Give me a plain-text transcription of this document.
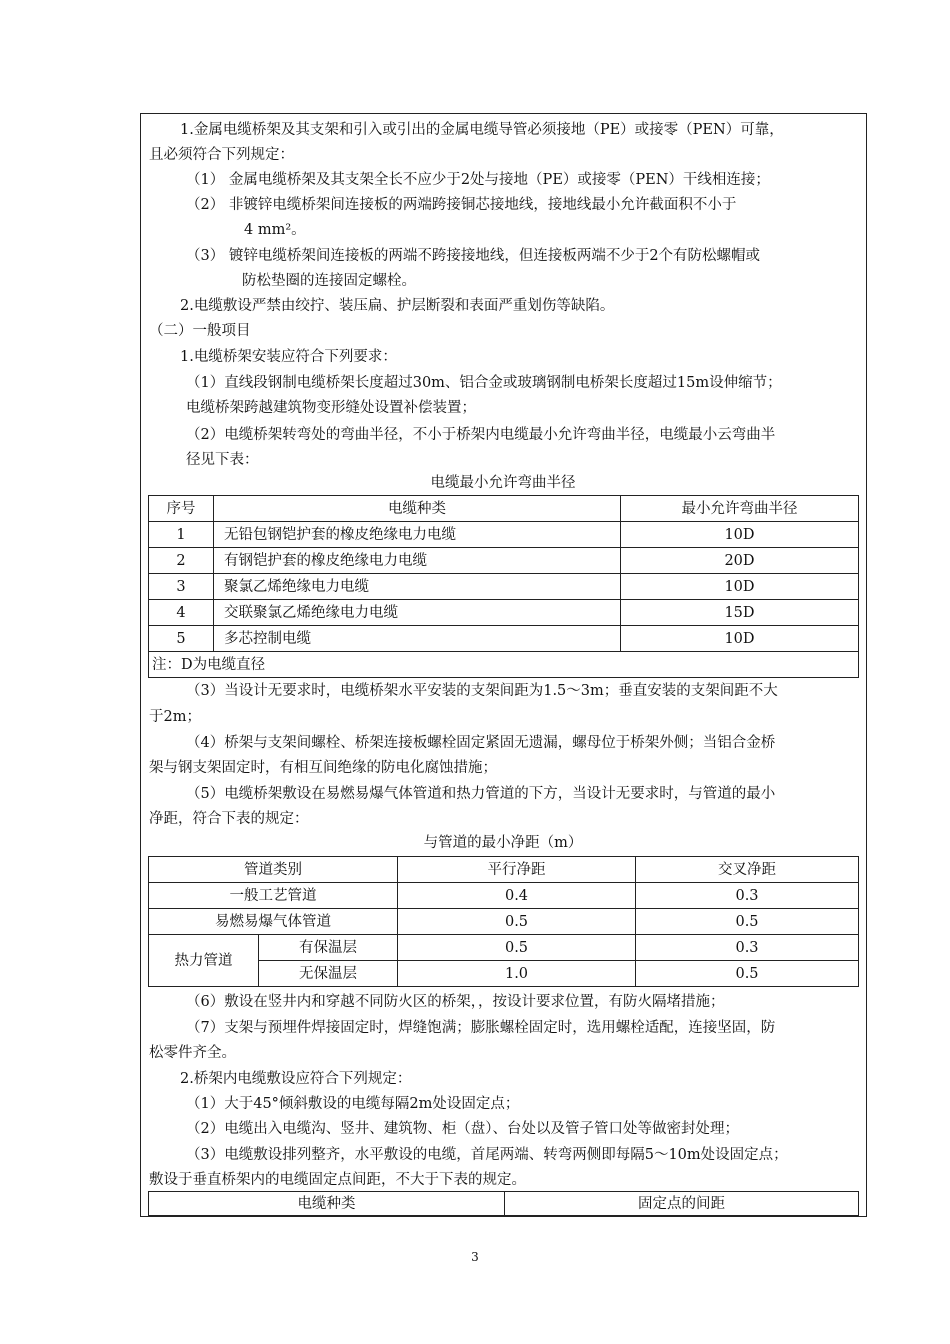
1.金属电缆桥架及其支架和引入或引出的金属电缆导管必须接地（PE）或接零（PEN）可靠，
且必须符合下列规定：
（1） 金属电缆桥架及其支架全长不应少于2处与接地（PE）或接零（PEN）干线相连接；
（2） 非镀锌电缆桥架间连接板的两端跨接铜芯接地线，接地线最小允许截面积不小于
4 mm²。
（3） 镀锌电缆桥架间连接板的两端不跨接接地线，但连接板两端不少于2个有防松螺帽或
防松垫圈的连接固定螺栓。
2.电缆敷设严禁由绞拧、装压扁、护层断裂和表面严重划伤等缺陷。
（二）一般项目
1.电缆桥架安装应符合下列要求：
（1）直线段钢制电缆桥架长度超过30m、铝合金或玻璃钢制电桥架长度超过15m设伸缩节；
电缆桥架跨越建筑物变形缝处设置补偿装置；
（2）电缆桥架转弯处的弯曲半径，不小于桥架内电缆最小允许弯曲半径，电缆最小云弯曲半
径见下表：
电缆最小允许弯曲半径
序号	电缆种类	最小允许弯曲半径
1	无铅包钢铠护套的橡皮绝缘电力电缆	10D
2	有钢铠护套的橡皮绝缘电力电缆	20D
3	聚氯乙烯绝缘电力电缆	10D
4	交联聚氯乙烯绝缘电力电缆	15D
5	多芯控制电缆	10D
注：D为电缆直径		
（3）当设计无要求时，电缆桥架水平安装的支架间距为1.5～3m；垂直安装的支架间距不大
于2m；
（4）桥架与支架间螺栓、桥架连接板螺栓固定紧固无遗漏，螺母位于桥架外侧；当铝合金桥
架与钢支架固定时，有相互间绝缘的防电化腐蚀措施；
（5）电缆桥架敷设在易燃易爆气体管道和热力管道的下方，当设计无要求时，与管道的最小
净距，符合下表的规定：
与管道的最小净距（m）
管道类别		平行净距	交叉净距
一般工艺管道		0.4	0.3
易燃易爆气体管道		0.5	0.5
热力管道	有保温层	0.5	0.3
	无保温层	1.0	0.5
（6）敷设在竖井内和穿越不同防火区的桥架，，按设计要求位置，有防火隔堵措施；
（7）支架与预埋件焊接固定时，焊缝饱满；膨胀螺栓固定时，选用螺栓适配，连接坚固，防
松零件齐全。
2.桥架内电缆敷设应符合下列规定：
（1）大于45°倾斜敷设的电缆每隔2m处设固定点；
（2）电缆出入电缆沟、竖井、建筑物、柜（盘）、台处以及管子管口处等做密封处理；
（3）电缆敷设排列整齐，水平敷设的电缆，首尾两端、转弯两侧即每隔5～10m处设固定点；
敷设于垂直桥架内的电缆固定点间距，不大于下表的规定。
电缆种类	固定点的间距
3
